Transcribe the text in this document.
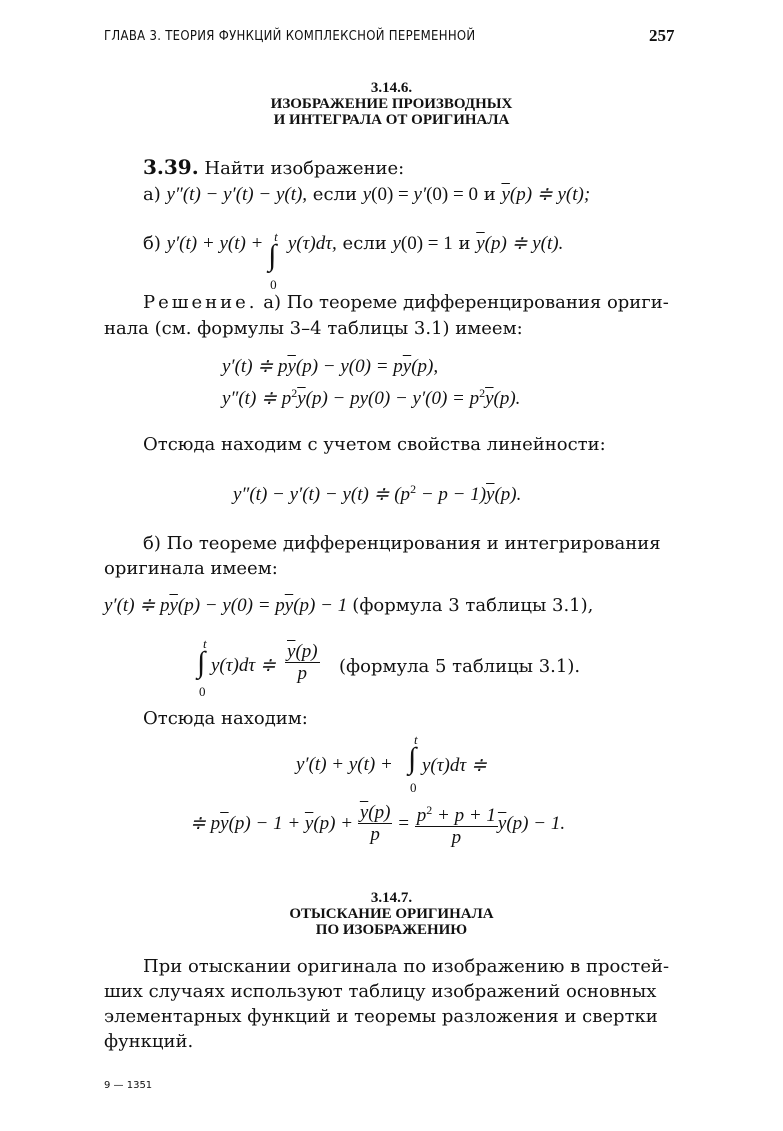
ГЛАВА 3. ТЕОРИЯ ФУНКЦИЙ КОМПЛЕКСНОЙ ПЕРЕМЕННОЙ	257
3.14.6.
ИЗОБРАЖЕНИЕ ПРОИЗВОДНЫХ
И ИНТЕГРАЛА ОТ ОРИГИНАЛА
3.39. Найти изображение:
а) y″(t) − y′(t) − y(t), если y(0) = y′(0) = 0 и $\overline{y}(p)$ ≑ y(t);
б) y′(t) + y(t) + t
∫
0
y(τ)dτ, если y(0) = 1 и $\overline{y}(p)$ ≑ y(t).
Решение. а) По теореме дифференцирования ориги-
нала (см. формулы 3–4 таблицы 3.1) имеем:
y′(t) ≑ $p\overline{y}(p) - y(0) = p\overline{y}(p)$,
y″(t) ≑ $p^2\overline{y}(p) - py(0) - y'(0) = p^2\overline{y}(p)$.
Отсюда находим с учетом свойства линейности:
y″(t) − y′(t) − y(t) ≑ $(p^2 - p - 1)\overline{y}(p)$.
б) По теореме дифференцирования и интегрирования
оригинала имеем:
y′(t) ≑ $p\overline{y}(p) - y(0) = p\overline{y}(p) - 1$ (формула 3 таблицы 3.1),
t
∫
0
y(τ)dτ ≑ $\frac{\overline{y}(p)}{p}$ (формула 5 таблицы 3.1).
Отсюда находим:
y′(t) + y(t) +
t
∫
0
y(τ)dτ ≑
≑ $p\overline{y}(p) - 1 + \overline{y}(p) + \frac{\overline{y}(p)}{p} = \frac{p^2 + p + 1}{p} \overline{y}(p) - 1$.
3.14.7.
ОТЫСКАНИЕ ОРИГИНАЛА
ПО ИЗОБРАЖЕНИЮ
При отыскании оригинала по изображению в простей-
ших случаях используют таблицу изображений основных
элементарных функций и теоремы разложения и свертки
функций.
9 — 1351
